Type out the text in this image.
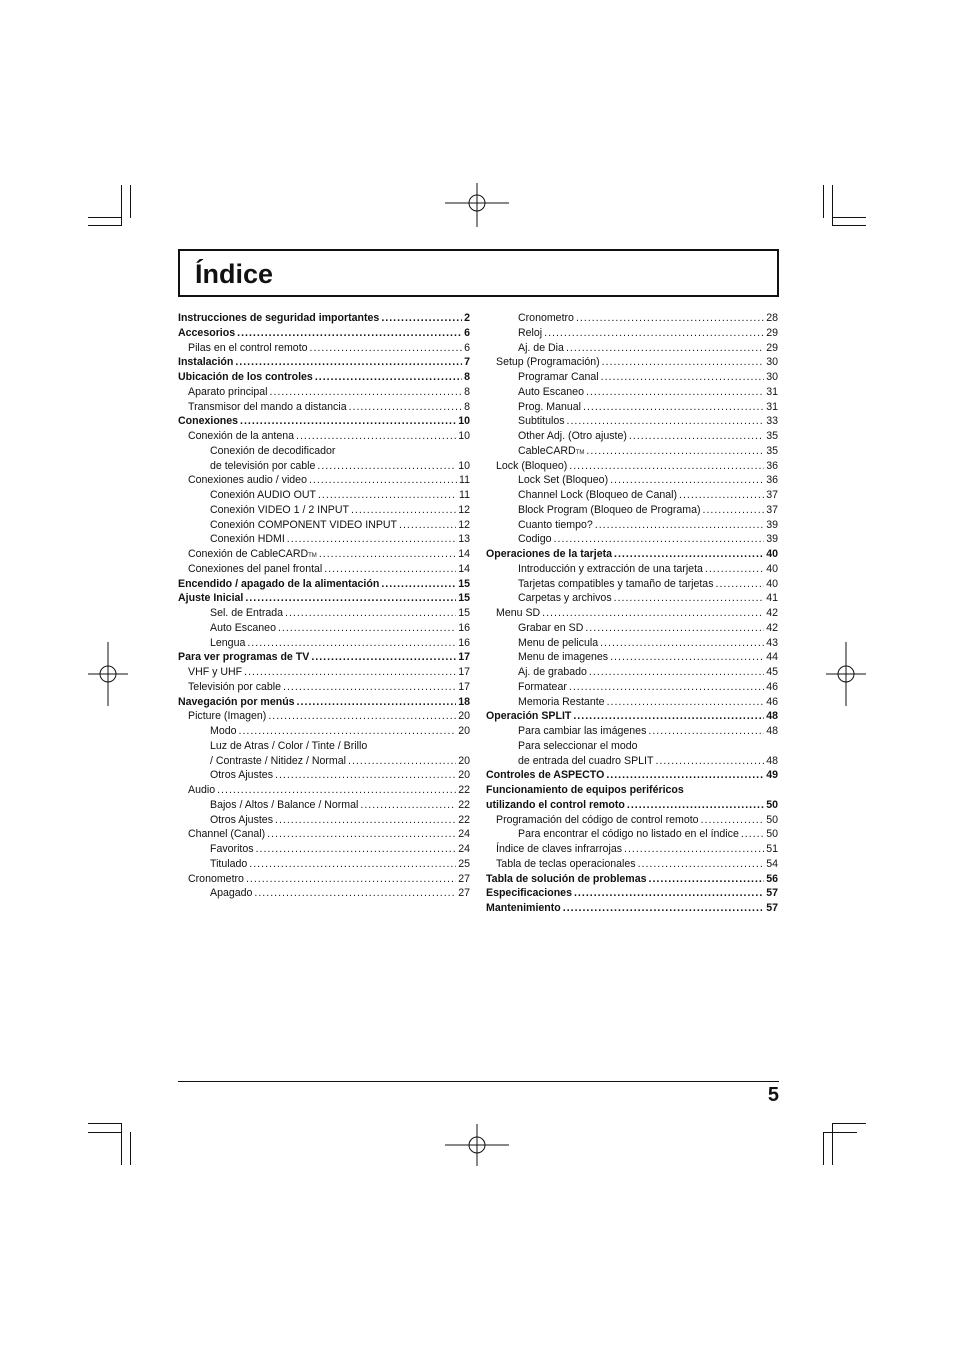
Índice
Instrucciones de seguridad importantes .....	2
Accesorios .....	6
Pilas en el control remoto .....	6
Instalación .....	7
Ubicación de los controles .....	8
Aparato principal .....	8
Transmisor del mando a distancia .....	8
Conexiones .....	10
Conexión de la antena .....	10
Conexión de decodificador
de televisión por cable .....	10
Conexiones audio / video .....	11
Conexión AUDIO OUT .....	11
Conexión VIDEO 1 / 2 INPUT .....	12
Conexión COMPONENT VIDEO INPUT .....	12
Conexión HDMI .....	13
Conexión de CableCARD TM .....	14
Conexiones del panel frontal .....	14
Encendido / apagado de la alimentación .....	15
Ajuste Inicial .....	15
Sel. de Entrada .....	15
Auto Escaneo .....	16
Lengua .....	16
Para ver programas de TV .....	17
VHF y UHF .....	17
Televisión por cable .....	17
Navegación por menús .....	18
Picture (Imagen) .....	20
Modo .....	20
Luz de Atras / Color / Tinte / Brillo
/ Contraste / Nitidez / Normal .....	20
Otros Ajustes .....	20
Audio .....	22
Bajos / Altos / Balance / Normal .....	22
Otros Ajustes .....	22
Channel (Canal) .....	24
Favoritos .....	24
Titulado .....	25
Cronometro .....	27
Apagado .....	27
Cronometro .....	28
Reloj .....	29
Aj. de Dia .....	29
Setup (Programación) .....	30
Programar Canal .....	30
Auto Escaneo .....	31
Prog. Manual .....	31
Subtitulos .....	33
Other Adj. (Otro ajuste) .....	35
CableCARD TM .....	35
Lock (Bloqueo) .....	36
Lock Set (Bloqueo) .....	36
Channel Lock (Bloqueo de Canal) .....	37
Block Program (Bloqueo de Programa) .....	37
Cuanto tiempo? .....	39
Codigo .....	39
Operaciones de la tarjeta .....	40
Introducción y extracción de una tarjeta .....	40
Tarjetas compatibles y tamaño de tarjetas .....	40
Carpetas y archivos .....	41
Menu SD .....	42
Grabar en SD .....	42
Menu de pelicula .....	43
Menu de imagenes .....	44
Aj. de grabado .....	45
Formatear .....	46
Memoria Restante .....	46
Operación SPLIT .....	48
Para cambiar las imágenes .....	48
Para seleccionar el modo
de entrada del cuadro SPLIT .....	48
Controles de ASPECTO .....	49
Funcionamiento de equipos periféricos
utilizando el control remoto .....	50
Programación del código de control remoto .....	50
Para encontrar el código no listado en el índice .....	50
Índice de claves infrarrojas .....	51
Tabla de teclas operacionales .....	54
Tabla de solución de problemas .....	56
Especificaciones .....	57
Mantenimiento .....	57
5
